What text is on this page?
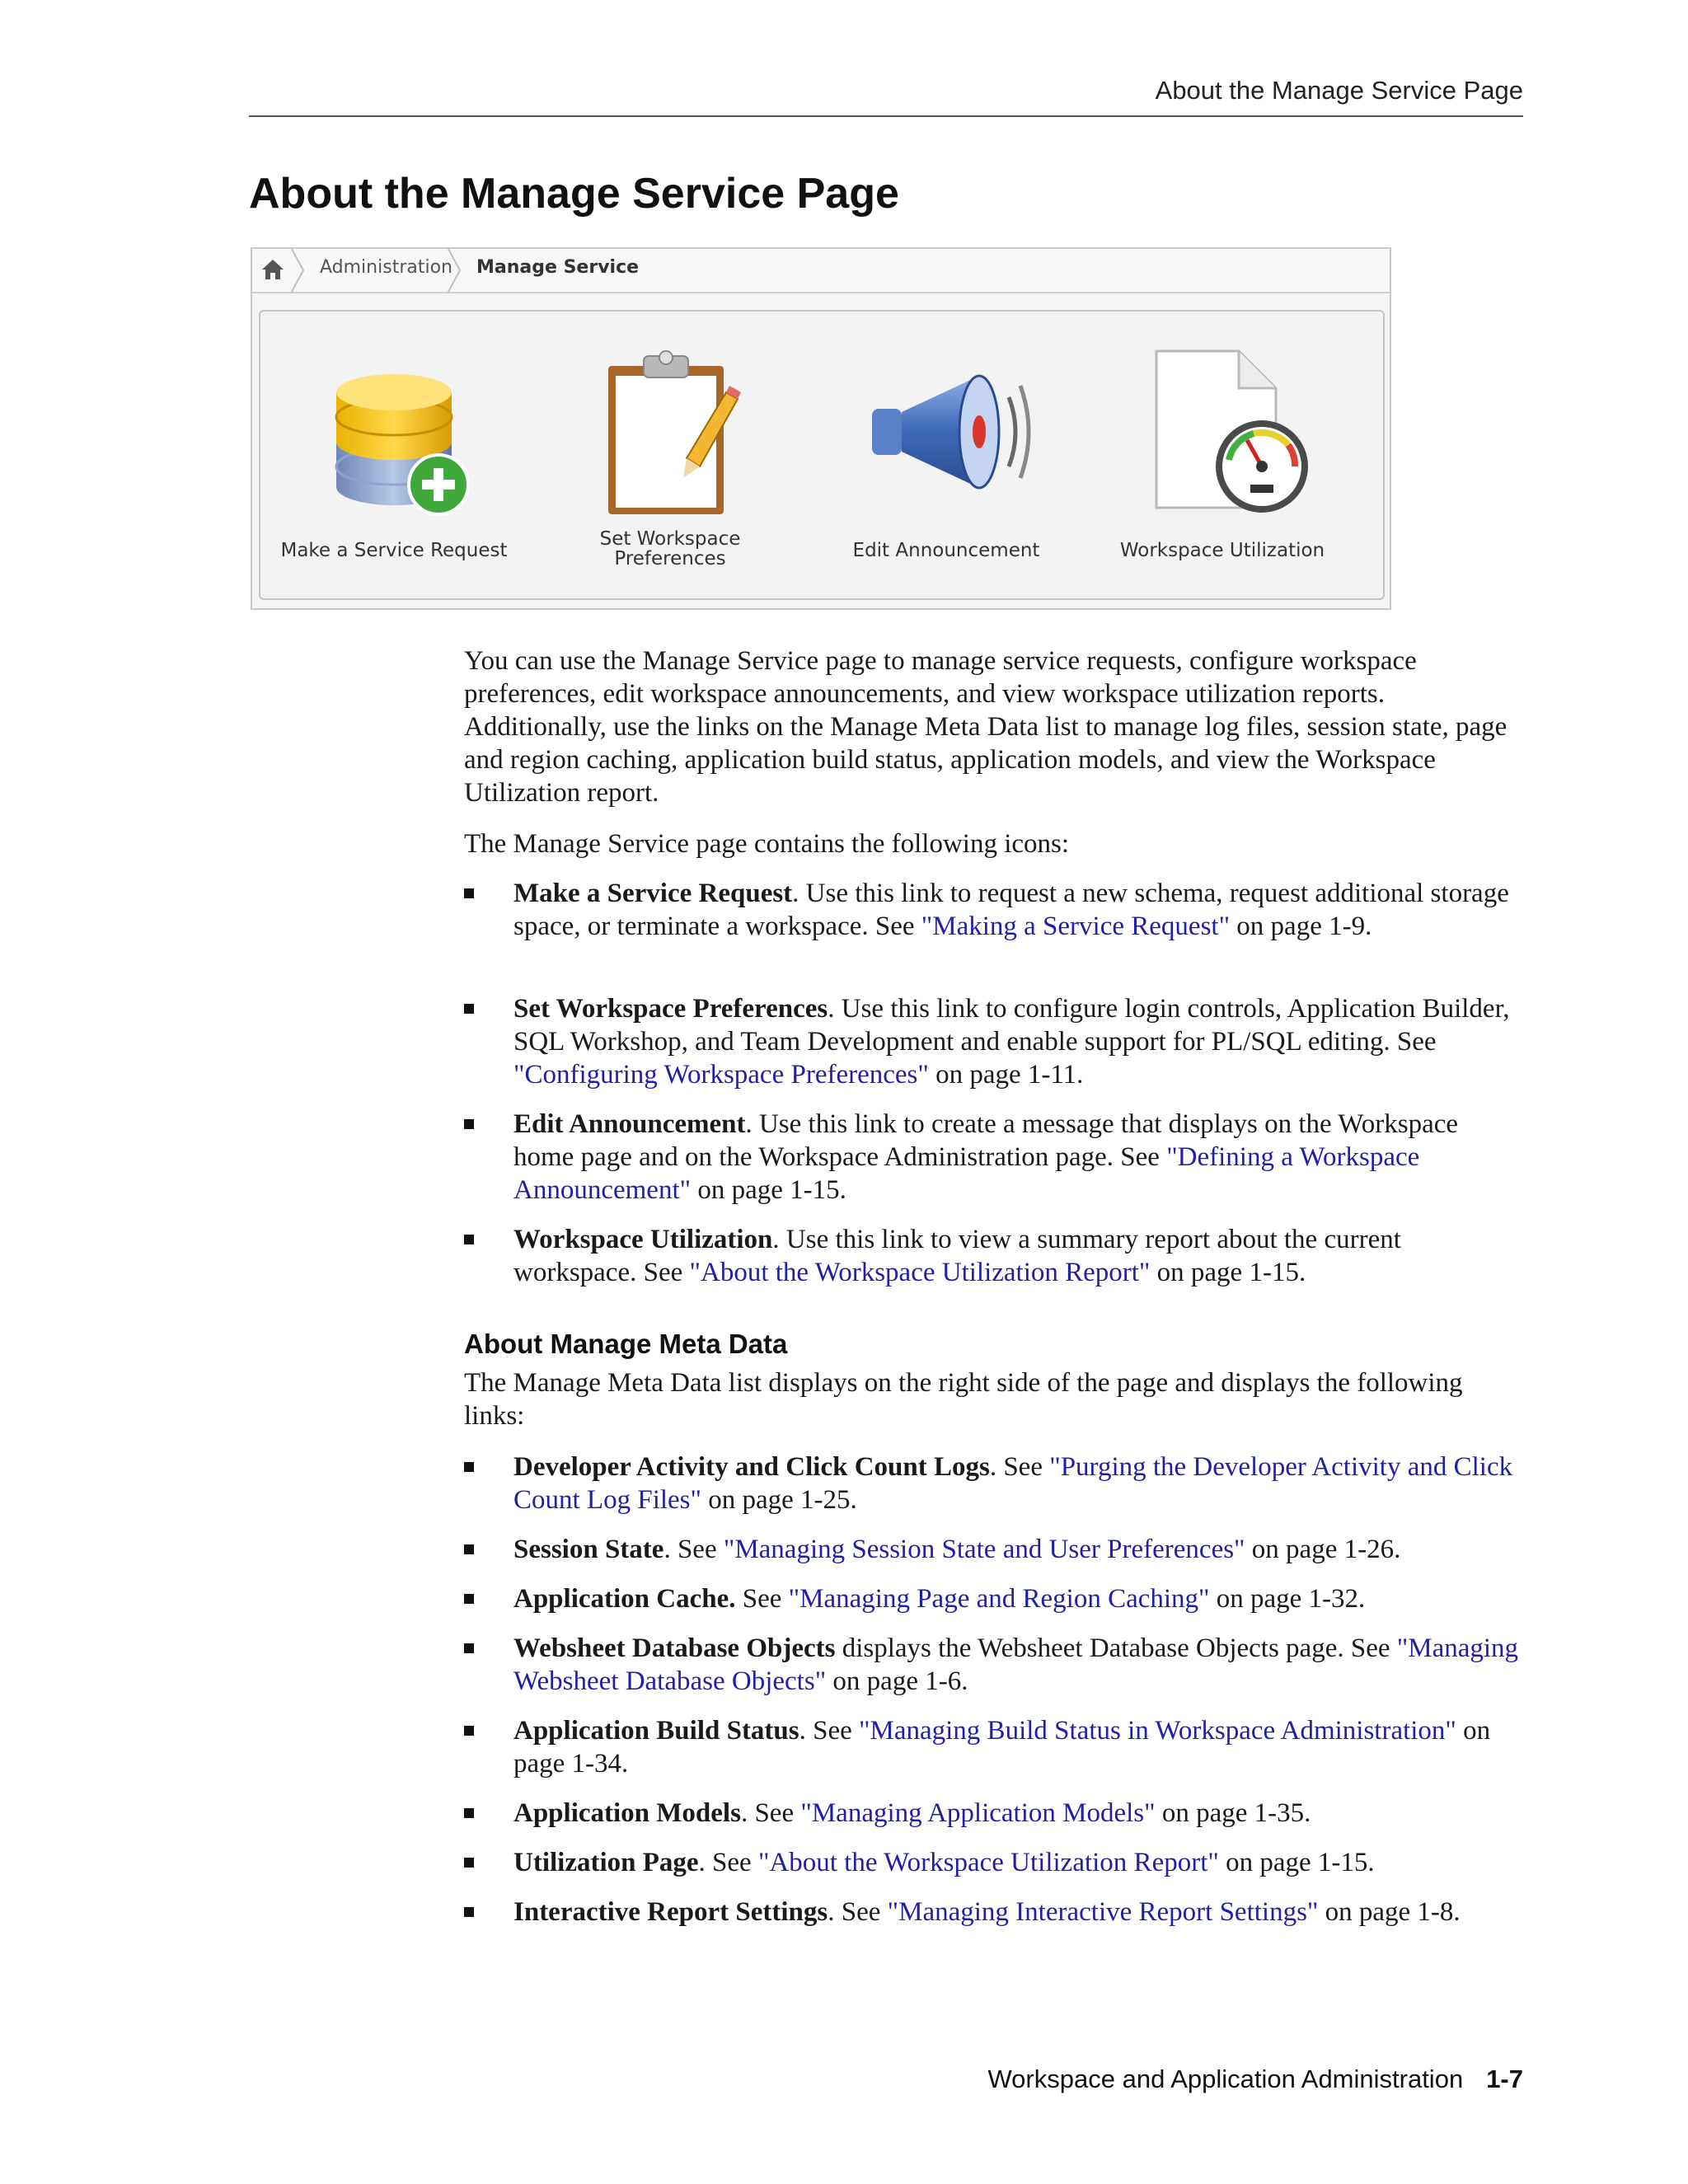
About the Manage Service Page
About the Manage Service Page
Administration Manage Service
Make a Service Request
Set Workspace
Preferences	Edit Announcement	Workspace Utilization

You can use the Manage Service page to manage service requests, configure workspace preferences, edit workspace announcements, and view workspace utilization reports. Additionally, use the links on the Manage Meta Data list to manage log files, session state, page and region caching, application build status, application models, and view the Workspace Utilization report.

The Manage Service page contains the following icons:

Make a Service Request. Use this link to request a new schema, request additional storage space, or terminate a workspace. See "Making a Service Request" on page 1-9.
Set Workspace Preferences. Use this link to configure login controls, Application Builder, SQL Workshop, and Team Development and enable support for PL/SQL editing. See "Configuring Workspace Preferences" on page 1-11.
Edit Announcement. Use this link to create a message that displays on the Workspace home page and on the Workspace Administration page. See "Defining a Workspace Announcement" on page 1-15.
Workspace Utilization. Use this link to view a summary report about the current workspace. See "About the Workspace Utilization Report" on page 1-15.
About Manage Meta Data

The Manage Meta Data list displays on the right side of the page and displays the following links:

Developer Activity and Click Count Logs. See "Purging the Developer Activity and Click Count Log Files" on page 1-25.
Session State. See "Managing Session State and User Preferences" on page 1-26.
Application Cache. See "Managing Page and Region Caching" on page 1-32.
Websheet Database Objects displays the Websheet Database Objects page. See "Managing Websheet Database Objects" on page 1-6.
Application Build Status. See "Managing Build Status in Workspace Administration" on page 1-34.
Application Models. See "Managing Application Models" on page 1-35.
Utilization Page. See "About the Workspace Utilization Report" on page 1-15.
Interactive Report Settings. See "Managing Interactive Report Settings" on page 1-8.
Workspace and Application Administration 1-7
